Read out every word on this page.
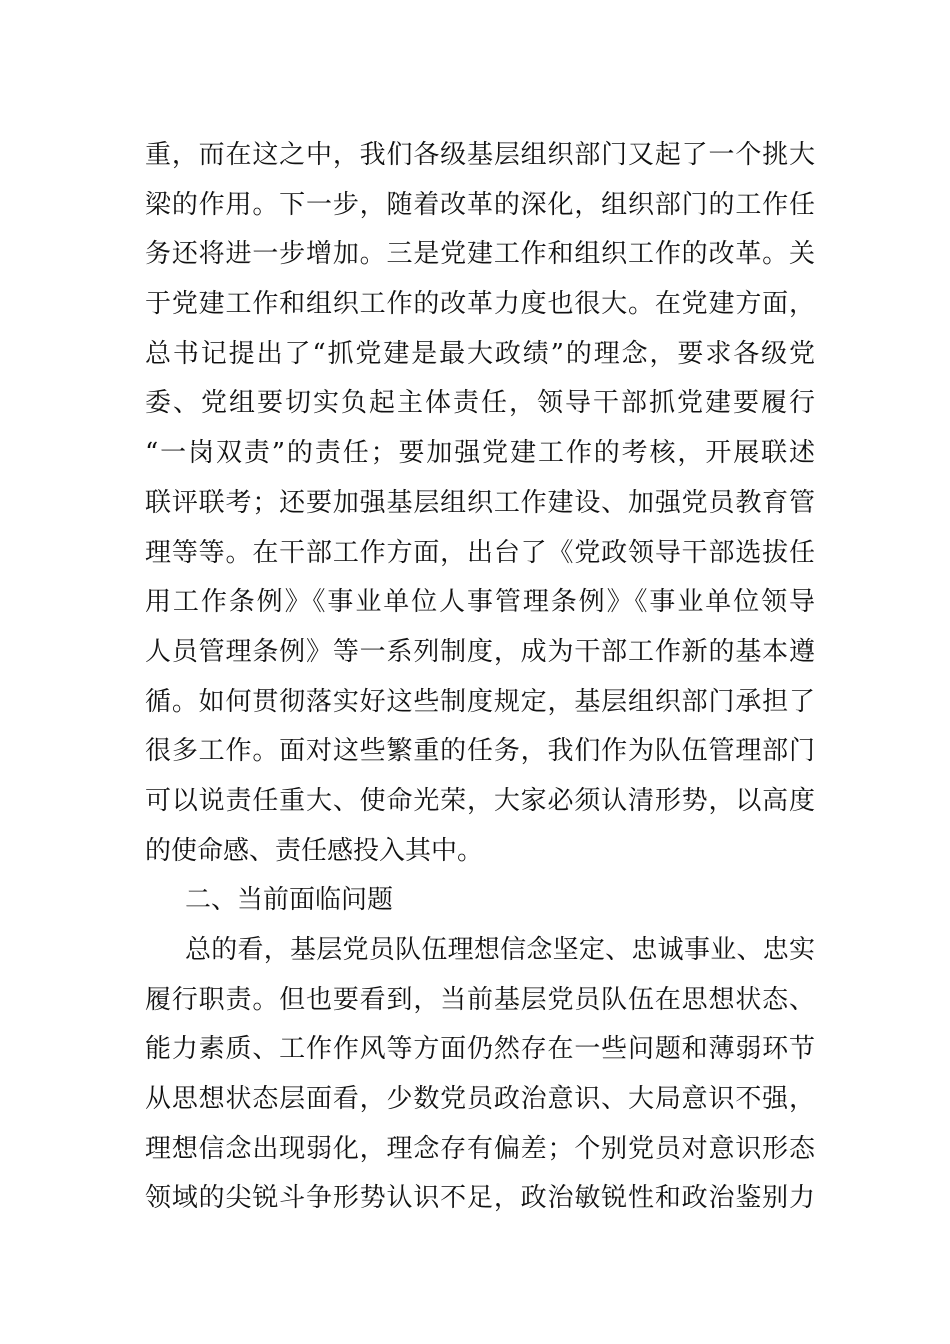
重，而在这之中，我们各级基层组织部门又起了一个挑大
梁的作用。下一步，随着改革的深化，组织部门的工作任
务还将进一步增加。三是党建工作和组织工作的改革。关
于党建工作和组织工作的改革力度也很大。在党建方面，
总书记提出了“抓党建是最大政绩”的理念，要求各级党
委、党组要切实负起主体责任，领导干部抓党建要履行
“一岗双责”的责任；要加强党建工作的考核，开展联述
联评联考；还要加强基层组织工作建设、加强党员教育管
理等等。在干部工作方面，出台了《党政领导干部选拔任
用工作条例》《事业单位人事管理条例》《事业单位领导
人员管理条例》等一系列制度，成为干部工作新的基本遵
循。如何贯彻落实好这些制度规定，基层组织部门承担了
很多工作。面对这些繁重的任务，我们作为队伍管理部门
可以说责任重大、使命光荣，大家必须认清形势，以高度
的使命感、责任感投入其中。
二、当前面临问题
总的看，基层党员队伍理想信念坚定、忠诚事业、忠实
履行职责。但也要看到，当前基层党员队伍在思想状态、
能力素质、工作作风等方面仍然存在一些问题和薄弱环节
从思想状态层面看，少数党员政治意识、大局意识不强，
理想信念出现弱化，理念存有偏差；个别党员对意识形态
领域的尖锐斗争形势认识不足，政治敏锐性和政治鉴别力
